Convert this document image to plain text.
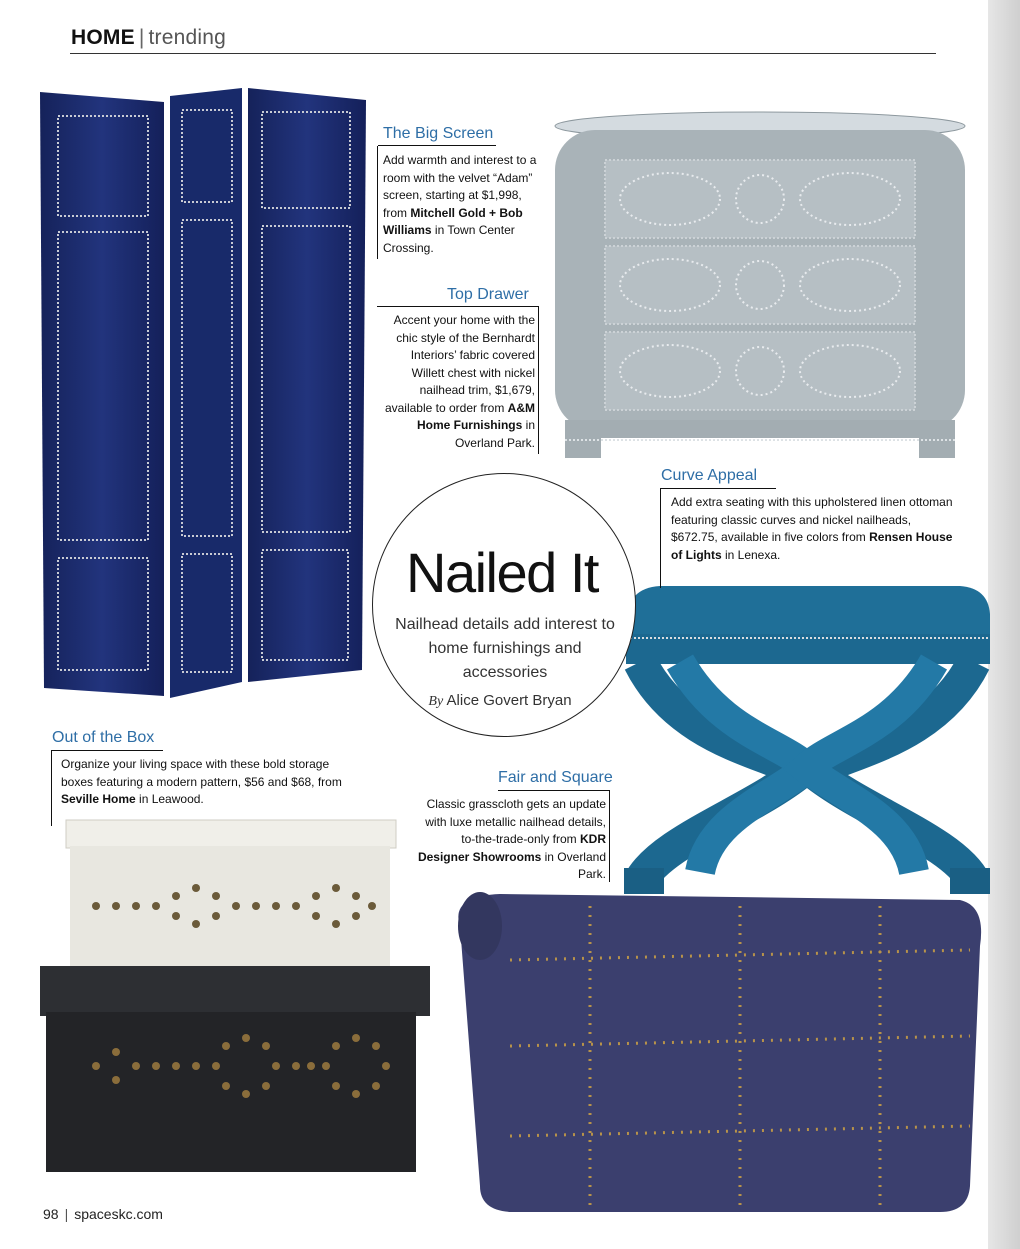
HOME | trending
The Big Screen
Add warmth and interest to a room with the velvet “Adam” screen, starting at $1,998, from Mitchell Gold + Bob Williams in Town Center Crossing.
Top Drawer
Accent your home with the chic style of the Bernhardt Interiors’ fabric covered Willett chest with nickel nailhead trim, $1,679, available to order from A&M Home Furnishings in Overland Park.
Curve Appeal
Add extra seating with this upholstered linen ottoman featuring classic curves and nickel nailheads, $672.75, available in five colors from Rensen House of Lights in Lenexa.
Nailed It
Nailhead details add interest to home furnishings and accessories
By Alice Govert Bryan
Out of the Box
Organize your living space with these bold storage boxes featuring a modern pattern, $56 and $68, from Seville Home in Leawood.
Fair and Square
Classic grasscloth gets an update with luxe metallic nailhead details, to-the-trade-only from KDR Designer Showrooms in Overland Park.
98 | spaceskc.com
